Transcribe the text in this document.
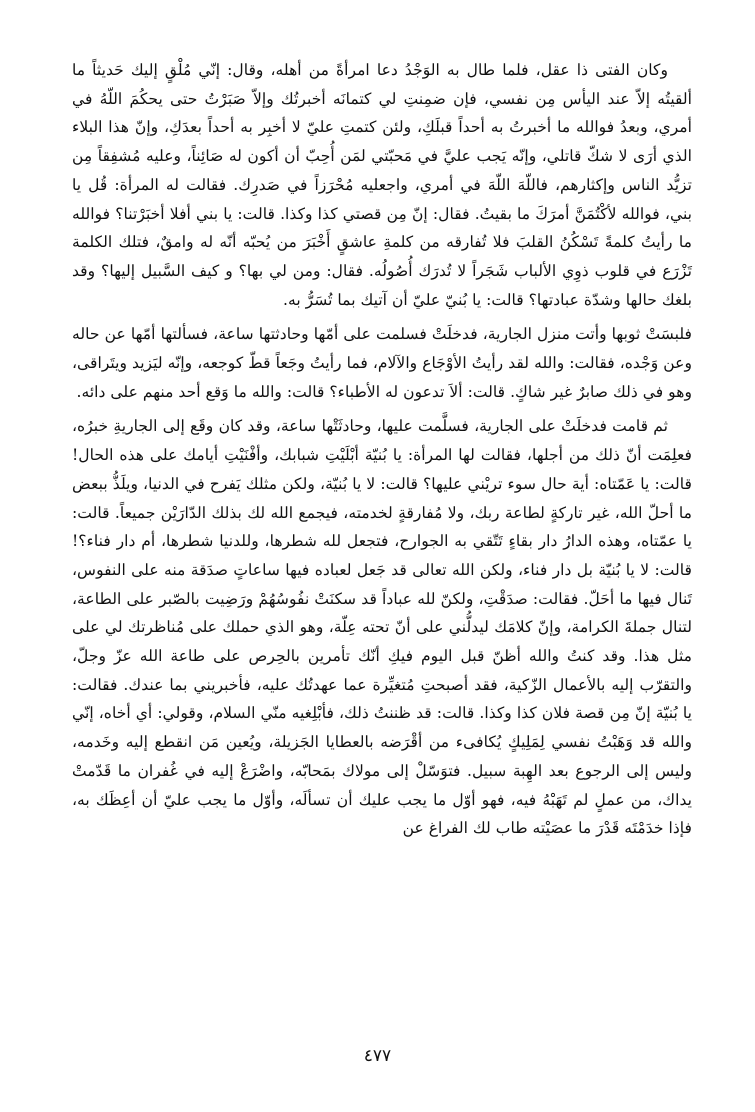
وكان الفتى ذا عقل، فلما طال به الوَجْدُ دعا امرأةً من أهله، وقال: إنّي مُلْقٍ إليك حَديثاً ما ألقيتُه إلاّ عند اليأس مِن نفسي، فإن ضمِنتِ لي كتمانَه أخبرتُك وإلاّ صَبَرْتُ حتى يحكُمَ اللّهُ في أمري، وبعدُ فوالله ما أخبرتُ به أحداً قبلَكِ، ولئن كتمتِ عليّ لا أخبِر به أحداً بعدَكِ، وإنّ هذا البلاء الذي أرَى لا شكّ قاتلي، وإنّه يَجب عليَّ في مَحبّتي لمَن أُحِبّ أن أكون له صَائِناً، وعليه مُشفِقاً مِن تزيُّد الناس وإكثارهم، فاللّهَ اللّهَ في أمري، واجعليه مُحْرَزاً في صَدرِك. فقالت له المرأة: قُل يا بني، فوالله لأكْتُمَنَّ أمرَكَ ما بقيتُ. فقال: إنّ مِن قصتي كذا وكذا. قالت: يا بني أفلا أخبَرْتنا؟ فوالله ما رأيتُ كلمةً تَسْكُنُ القلبَ فلا تُفارقه من كلمةِ عاشقٍ أَخْبَرَ من يُحبّه أنّه له وامقٌ، فتلك الكلمة تَزْرَع في قلوب ذوِي الألباب شَجَراً لا تُدرَك أُصُولُه. فقال: ومن لي بها؟ و كيف السَّبيل إليها؟ وقد بلغك حالها وشدّة عبادتها؟ قالت: يا بُنيّ عليّ أن آتيك بما تُسَرُّ به.

فلبسَتْ ثوبها وأتت منزل الجارية، فدخلَتْ فسلمت على أمّها وحادثتها ساعة، فسألتها أمّها عن حاله وعن وَجْده، فقالت: والله لقد رأيتُ الأوْجَاع والآلام، فما رأيتُ وجَعاً قطّ كوجعه، وإنّه ليَزيد ويتَراقى، وهو في ذلك صابرٌ غير شاكٍ. قالت: ألاَ تدعون له الأطباء؟ قالت: والله ما وَقع أحد منهم على دائه.

ثم قامت فدخلَتْ على الجارية، فسلَّمت عليها، وحادثَتْها ساعة، وقد كان وقَع إلى الجاريةِ خبرُه، فعلِمَت أنّ ذلك من أجلها، فقالت لها المرأة: يا بُنيّة أبْلَيْتِ شبابك، وأفْنَيْتِ أيامك على هذه الحال! قالت: يا عَمّتاه: أية حال سوء تريْني عليها؟ قالت: لا يا بُنيّة، ولكن مثلك يَفرح في الدنيا، ويلَذُّ ببعض ما أحلّ الله، غير تاركةٍ لطاعة ربك، ولا مُفارقةٍ لخدمته، فيجمع الله لك بذلك الدّارَيْن جميعاً. قالت: يا عمّتاه، وهذه الدارُ دار بقاءٍ تَتّقي به الجوارح، فتجعل لله شطرها، وللدنيا شطرها، أم دار فناء؟! قالت: لا يا بُنيّة بل دار فناء، ولكن الله تعالى قد جَعل لعباده فيها ساعاتٍ صدَقة منه على النفوس، تَنال فيها ما أحَلّ. فقالت: صدَقْتِ، ولكنّ لله عباداً قد سكنَتْ نفُوسُهُمْ ورَضِيت بالصّبر على الطاعة، لتنال جملةَ الكرامة، وإنّ كلامَك ليدلُّني على أنّ تحته عِلّة، وهو الذي حملك على مُناظرتك لي على مثل هذا. وقد كنتُ والله أظنّ قبل اليوم فيكِ أنّك تأمرين بالحِرص على طاعة الله عزّ وجلّ، والتقرّب إليه بالأعمال الزّكية، فقد أصبحتِ مُتغيِّرة عما عهدتُك عليه، فأخبريني بما عندك. فقالت: يا بُنيّة إنّ مِن قصة فلان كذا وكذا. قالت: قد ظننتُ ذلك، فأبْلِغيه منّي السلام، وقولي: أي أخاه، إنّي والله قد وَهَبْتُ نفسي لِمَلِيكٍ يُكافىء من أقْرَضه بالعطايا الجَزيلة، ويُعين مَن انقطع إليه وخَدمه، وليس إلى الرجوع بعد الهِبة سبيل. فتوَسّلْ إلى مولاك بمَحابّه، واضْرَعْ إليه في غُفران ما قَدّمتْ يداك، من عملٍ لم تَهَبْهُ فيه، فهو أوّل ما يجب عليك أن تسألَه، وأوّل ما يجب عليّ أن أعِظَك به، فإذا خدَمْتَه قَدْرَ ما عصَيْته طاب لك الفراغ عن

٤٧٧
